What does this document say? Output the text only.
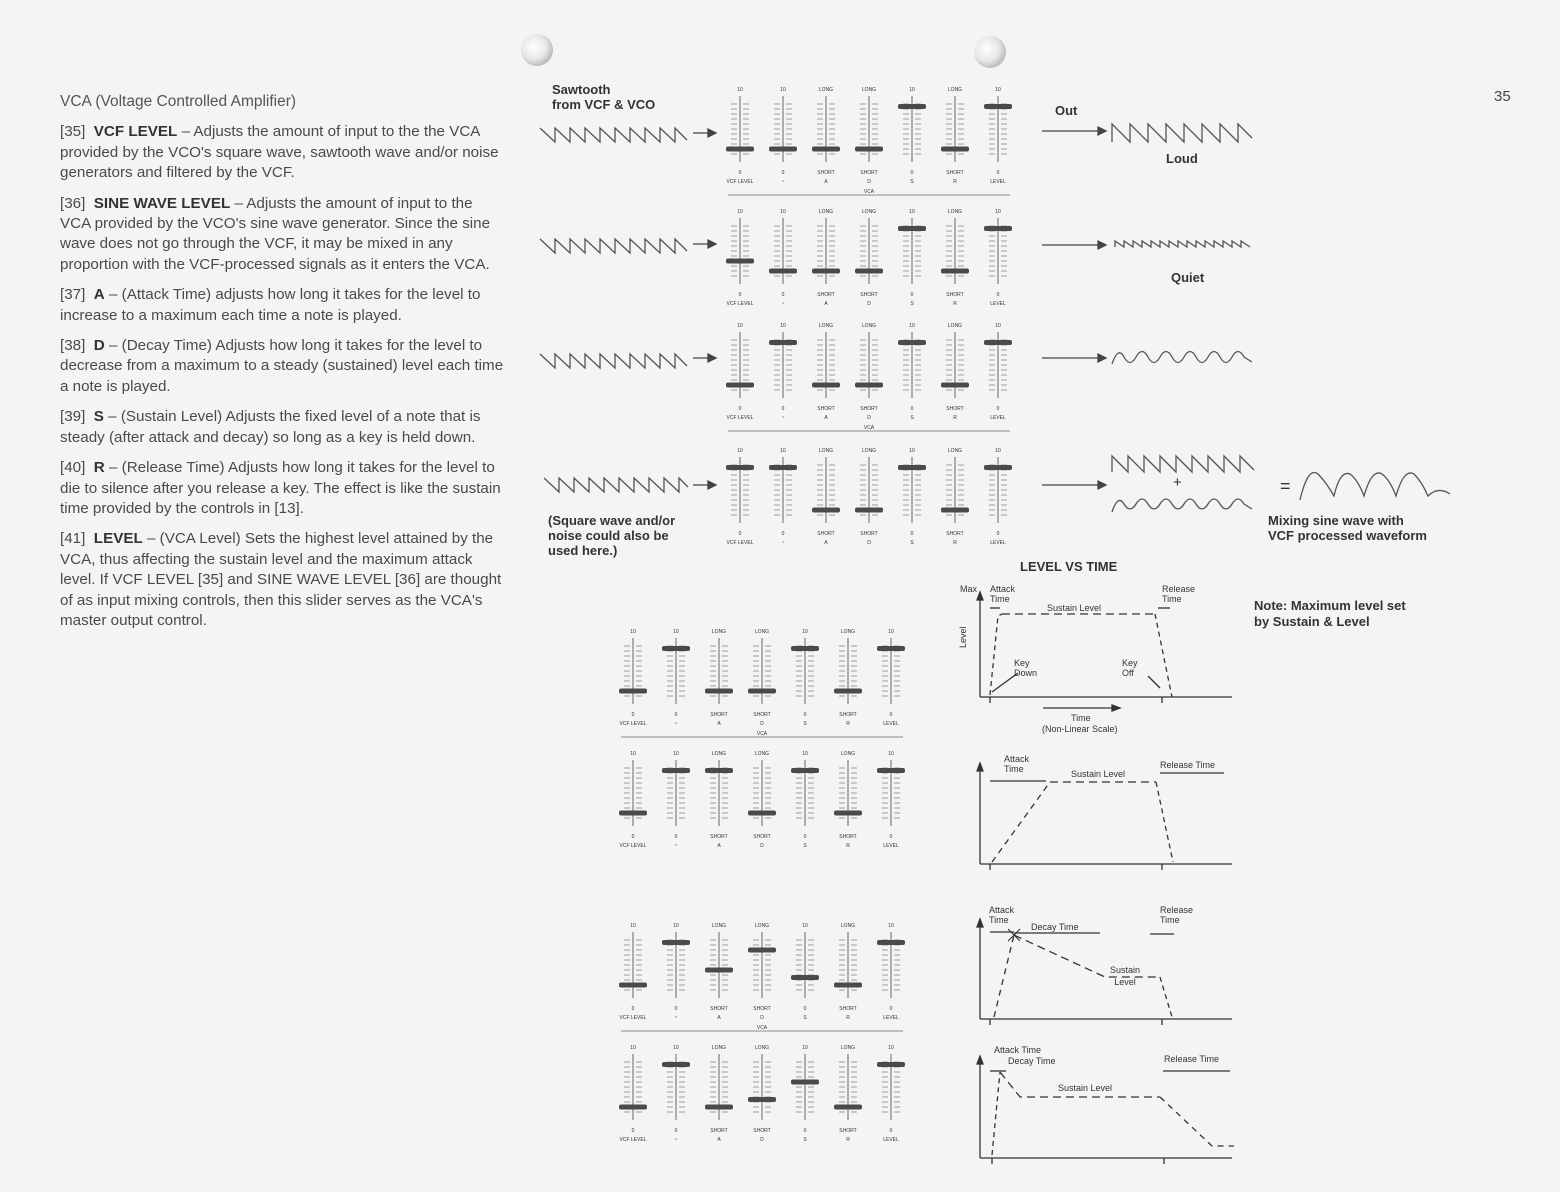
35
VCA (Voltage Controlled Amplifier)

[35] VCF LEVEL – Adjusts the amount of input to the the VCA provided by the VCO's square wave, sawtooth wave and/or noise generators and filtered by the VCF.

[36] SINE WAVE LEVEL – Adjusts the amount of input to the VCA provided by the VCO's sine wave generator. Since the sine wave does not go through the VCF, it may be mixed in any proportion with the VCF-processed signals as it enters the VCA.

[37] A – (Attack Time) adjusts how long it takes for the level to increase to a maximum each time a note is played.

[38] D – (Decay Time) Adjusts how long it takes for the level to decrease from a maximum to a steady (sustained) level each time a note is played.

[39] S – (Sustain Level) Adjusts the fixed level of a note that is steady (after attack and decay) so long as a key is held down.

[40] R – (Release Time) Adjusts how long it takes for the level to die to silence after you release a key. The effect is like the sustain time provided by the controls in [13].

[41] LEVEL – (VCA Level) Sets the highest level attained by the VCA, thus affecting the sustain level and the maximum attack level. If VCF LEVEL [35] and SINE WAVE LEVEL [36] are thought of as input mixing controls, then this slider serves as the VCA's master output control.

Sawtooth
from VCF & VCO	Out
Loud
Quiet
(Square wave and/or
noise could also be
used here.)
Mixing sine wave with
VCF processed waveform
+	=
10
0
VCF LEVEL
10
0
~
LONG
SHORT
A
LONG
SHORT
D
10
0
S
LONG
SHORT
R
10
0
LEVEL
VCA
10
0
VCF LEVEL
10
0
~
LONG
SHORT
A
LONG
SHORT
D
10
0
S
LONG
SHORT
R
10
0
LEVEL
10
0
VCF LEVEL
10
0
~
LONG
SHORT
A
LONG
SHORT
D
10
0
S
LONG
SHORT
R
10
0
LEVEL
VCA
10
0
VCF LEVEL
10
0
~
LONG
SHORT
A
LONG
SHORT
D
10
0
S
LONG
SHORT
R
10
0
LEVEL
10
0
VCF LEVEL
10
0
~
LONG
SHORT
A
LONG
SHORT
D
10
0
S
LONG
SHORT
R
10
0
LEVEL
VCA
10
0
VCF LEVEL
10
0
~
LONG
SHORT
A
LONG
SHORT
D
10
0
S
LONG
SHORT
R
10
0
LEVEL
10
0
VCF LEVEL
10
0
~
LONG
SHORT
A
LONG
SHORT
D
10
0
S
LONG
SHORT
R
10
0
LEVEL
VCA
10
0
VCF LEVEL
10
0
~
LONG
SHORT
A
LONG
SHORT
D
10
0
S
LONG
SHORT
R
10
0
LEVEL
LEVEL VS TIME
Max Attack
Time
Sustain Level
Release
Time
Level
Key
Down
Key
Off
Time
(Non-Linear Scale)
Attack
Time	Sustain Level
Release Time
Attack
Time
Decay Time
Release
Time
Sustain
Level
Attack Time
Decay Time	Release Time
Sustain Level
Note: Maximum level set
by Sustain & Level
